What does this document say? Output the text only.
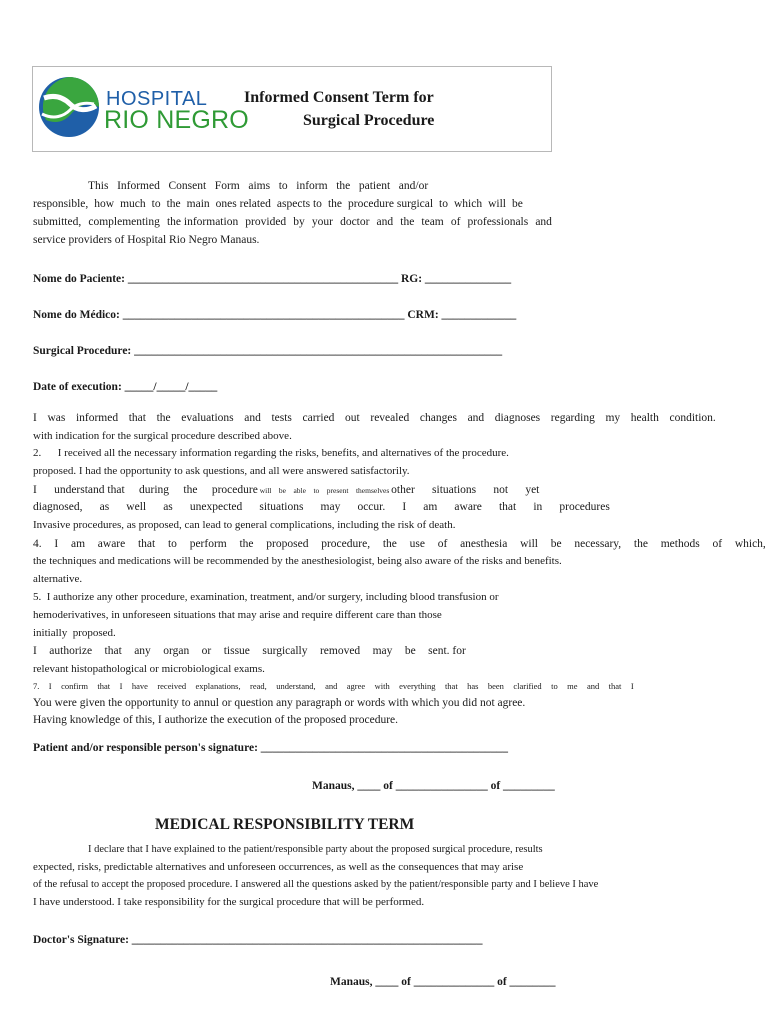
HOSPITAL
RIO NEGRO
Informed Consent Term for
Surgical Procedure
This   Informed   Consent   Form   aims   to   inform   the   patient   and/or
responsible, how much to the main ones related aspects to the procedure surgical to which will be
submitted, complementing the information provided by your doctor and the team of professionals and
service providers of Hospital Rio Negro Manaus.
Nome do Paciente: _______________________________________________ RG: _______________
Nome do Médico: _________________________________________________ CRM: _____________
Surgical Procedure: ________________________________________________________________
Date of execution: _____/_____/_____
I was informed that the evaluations and tests carried out revealed changes and diagnoses regarding my health condition.
with indication for the surgical procedure described above.
2.      I received all the necessary information regarding the risks, benefits, and alternatives of the procedure.
proposed. I had the opportunity to ask questions, and all were answered satisfactorily.
I      understand that     during     the     procedure will    be    able    to    present    themselves other      situations      not      yet
diagnosed, as well as unexpected situations may occur. I am aware that in procedures
Invasive procedures, as proposed, can lead to general complications, including the risk of death.
4. I am aware that to perform the proposed procedure, the use of anesthesia will be necessary, the methods of which,
the techniques and medications will be recommended by the anesthesiologist, being also aware of the risks and benefits.
alternative.
5.  I authorize any other procedure, examination, treatment, and/or surgery, including blood transfusion or
hemoderivatives, in unforeseen situations that may arise and require different care than those
initially  proposed.
I authorize that any organ or tissue surgically removed may be sent. for
relevant histopathological or microbiological exams.
7. I confirm that I have received explanations, read, understand, and agree with everything that has been clarified to me and that I
You were given the opportunity to annul or question any paragraph or words with which you did not agree.
Having knowledge of this, I authorize the execution of the proposed procedure.
Patient and/or responsible person's signature: ___________________________________________
Manaus, ____ of ________________ of _________
MEDICAL RESPONSIBILITY TERM
I declare that I have explained to the patient/responsible party about the proposed surgical procedure, results
expected, risks, predictable alternatives and unforeseen occurrences, as well as the consequences that may arise
of the refusal to accept the proposed procedure. I answered all the questions asked by the patient/responsible party and I believe I have
I have understood. I take responsibility for the surgical procedure that will be performed.
Doctor's Signature: _____________________________________________________________
Manaus, ____ of ______________ of ________
